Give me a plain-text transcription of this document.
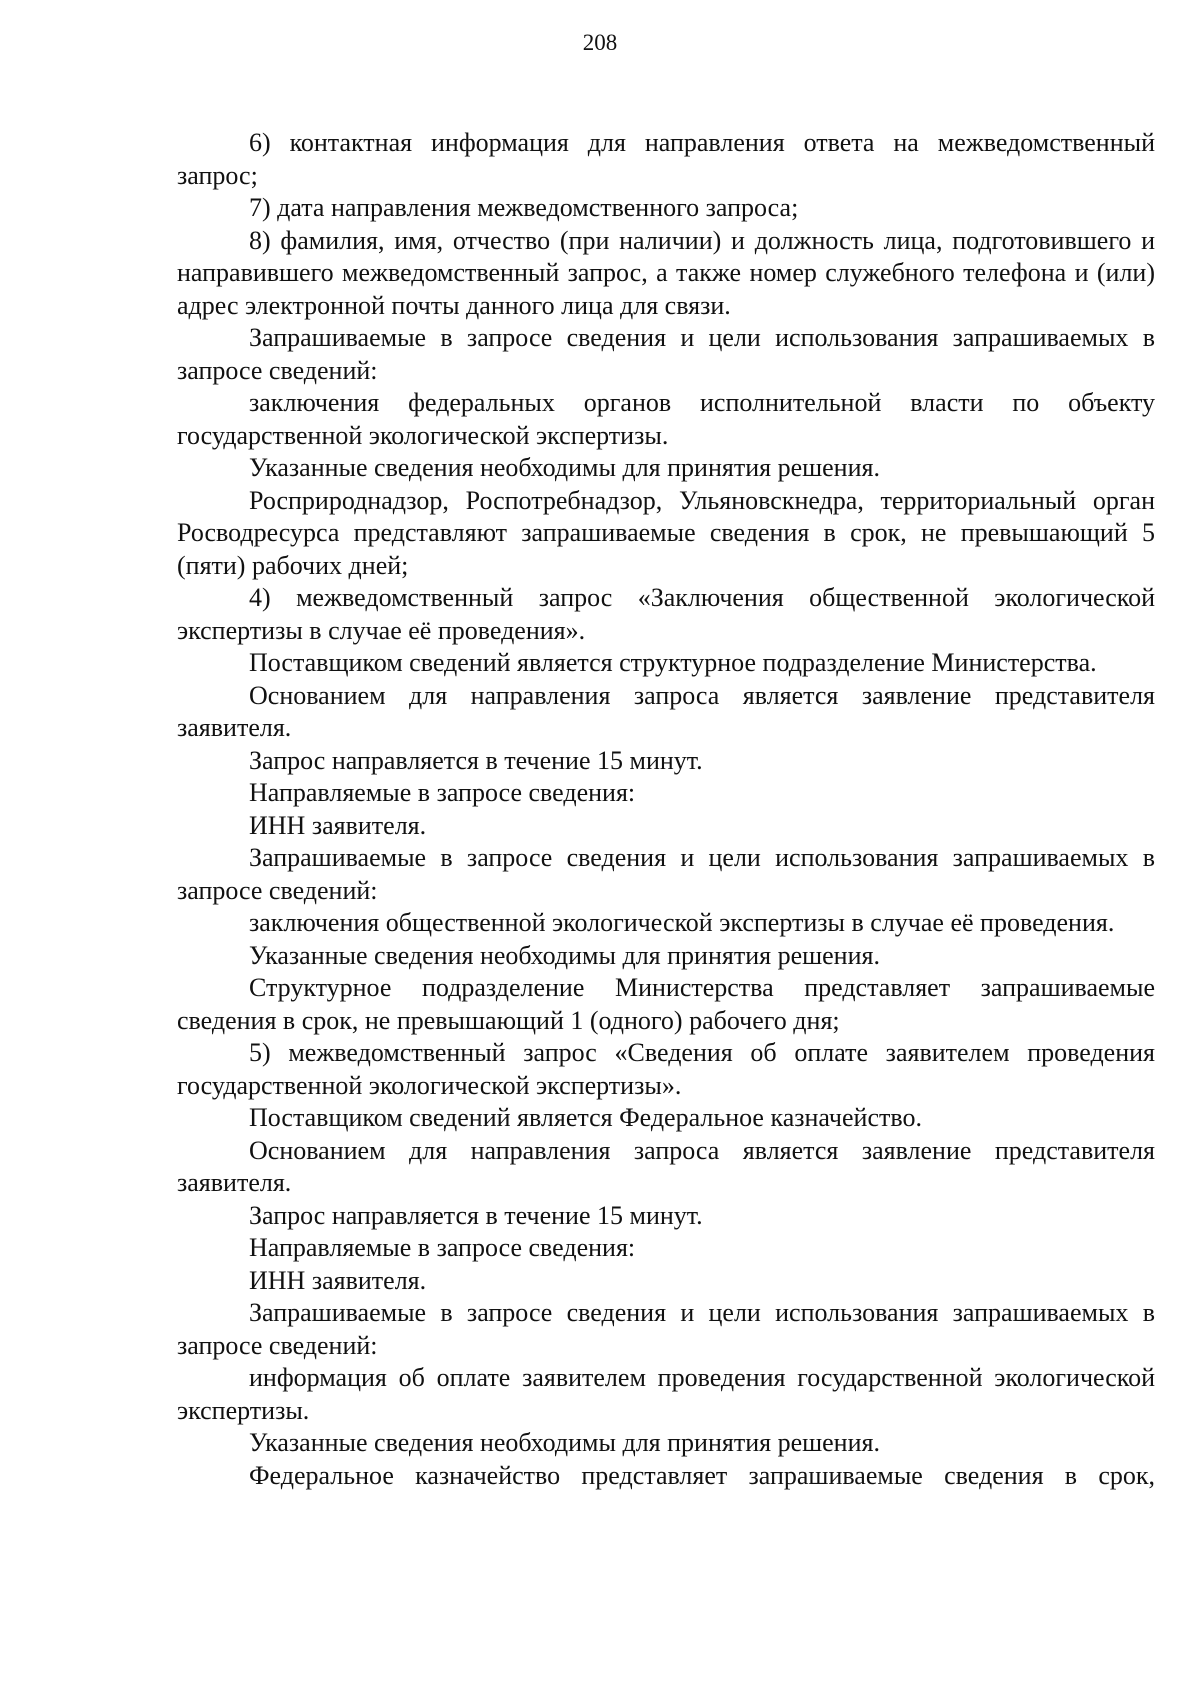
208

6) контактная информация для направления ответа на межведомственный запрос;

7) дата направления межведомственного запроса;

8) фамилия, имя, отчество (при наличии) и должность лица, подготовившего и направившего межведомственный запрос, а также номер служебного телефона и (или) адрес электронной почты данного лица для связи.

Запрашиваемые в запросе сведения и цели использования запрашиваемых в запросе сведений:

заключения федеральных органов исполнительной власти по объекту государственной экологической экспертизы.

Указанные сведения необходимы для принятия решения.

Росприроднадзор, Роспотребнадзор, Ульяновскнедра, территориальный орган Росводресурса представляют запрашиваемые сведения в срок, не превышающий 5 (пяти) рабочих дней;

4) межведомственный запрос «Заключения общественной экологической экспертизы в случае её проведения».

Поставщиком сведений является структурное подразделение Министерства.

Основанием для направления запроса является заявление представителя заявителя.

Запрос направляется в течение 15 минут.

Направляемые в запросе сведения:

ИНН заявителя.

Запрашиваемые в запросе сведения и цели использования запрашиваемых в запросе сведений:

заключения общественной экологической экспертизы в случае её проведения.

Указанные сведения необходимы для принятия решения.

Структурное подразделение Министерства представляет запрашиваемые сведения в срок, не превышающий 1 (одного) рабочего дня;

5) межведомственный запрос «Сведения об оплате заявителем проведения государственной экологической экспертизы».

Поставщиком сведений является Федеральное казначейство.

Основанием для направления запроса является заявление представителя заявителя.

Запрос направляется в течение 15 минут.

Направляемые в запросе сведения:

ИНН заявителя.

Запрашиваемые в запросе сведения и цели использования запрашиваемых в запросе сведений:

информация об оплате заявителем проведения государственной экологической экспертизы.

Указанные сведения необходимы для принятия решения.

Федеральное казначейство представляет запрашиваемые сведения в срок,
